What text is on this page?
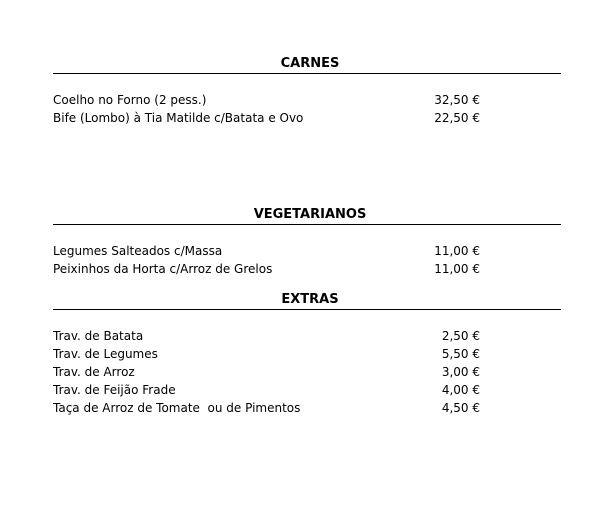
CARNES
Coelho no Forno (2 pess.)	32,50 €
Bife (Lombo) à Tia Matilde c/Batata e Ovo	22,50 €
VEGETARIANOS
Legumes Salteados c/Massa	11,00 €
Peixinhos da Horta c/Arroz de Grelos	11,00 €
EXTRAS
Trav. de Batata	2,50 €
Trav. de Legumes	5,50 €
Trav. de Arroz	3,00 €
Trav. de Feijão Frade	4,00 €
Taça de Arroz de Tomate  ou de Pimentos	4,50 €
